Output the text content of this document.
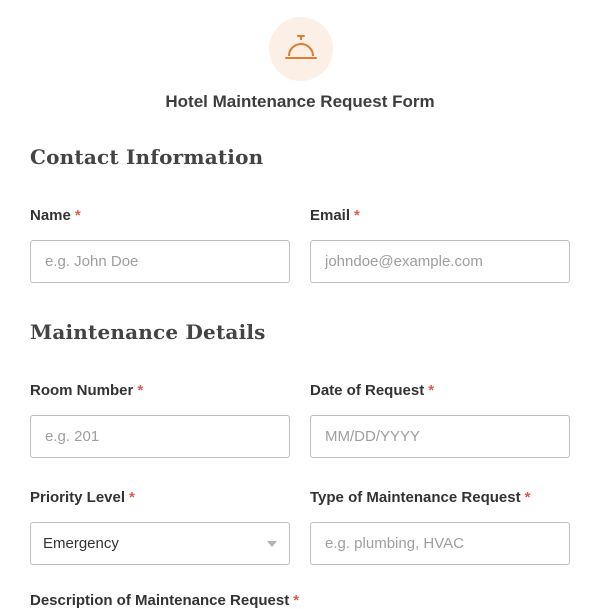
Hotel Maintenance Request Form
Contact Information
Name *
e.g. John Doe	Email *
johndoe@example.com
Maintenance Details
Room Number *
e.g. 201	Date of Request *
MM/DD/YYYY
Priority Level *
Emergency
Type of Maintenance Request *
e.g. plumbing, HVAC
Description of Maintenance Request *
